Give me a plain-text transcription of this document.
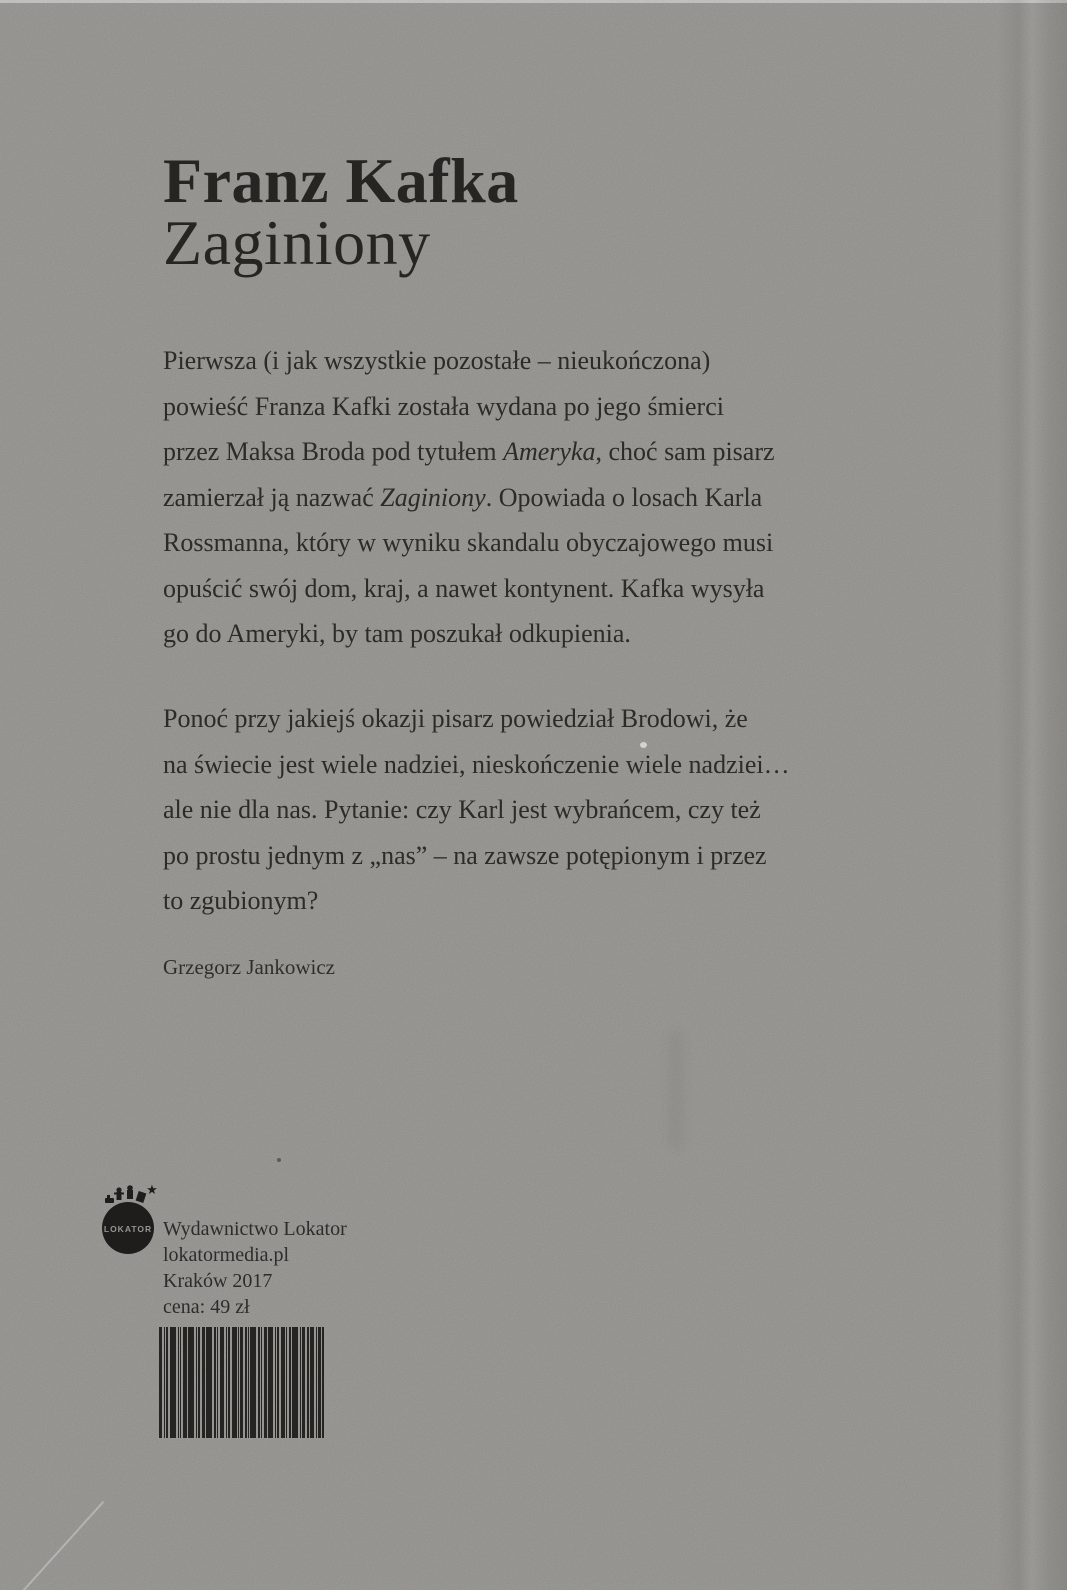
Franz Kafka
Zaginiony
Pierwsza (i jak wszystkie pozostałe – nieukończona)
powieść Franza Kafki została wydana po jego śmierci
przez Maksa Broda pod tytułem Ameryka, choć sam pisarz
zamierzał ją nazwać Zaginiony. Opowiada o losach Karla
Rossmanna, który w wyniku skandalu obyczajowego musi
opuścić swój dom, kraj, a nawet kontynent. Kafka wysyła
go do Ameryki, by tam poszukał odkupienia.
Ponoć przy jakiejś okazji pisarz powiedział Brodowi, że
na świecie jest wiele nadziei, nieskończenie wiele nadziei…
ale nie dla nas. Pytanie: czy Karl jest wybrańcem, czy też
po prostu jednym z „nas” – na zawsze potępionym i przez
to zgubionym?
Grzegorz Jankowicz
★
LOKATOR Wydawnictwo Lokator
lokatormedia.pl
Kraków 2017
cena: 49 zł
